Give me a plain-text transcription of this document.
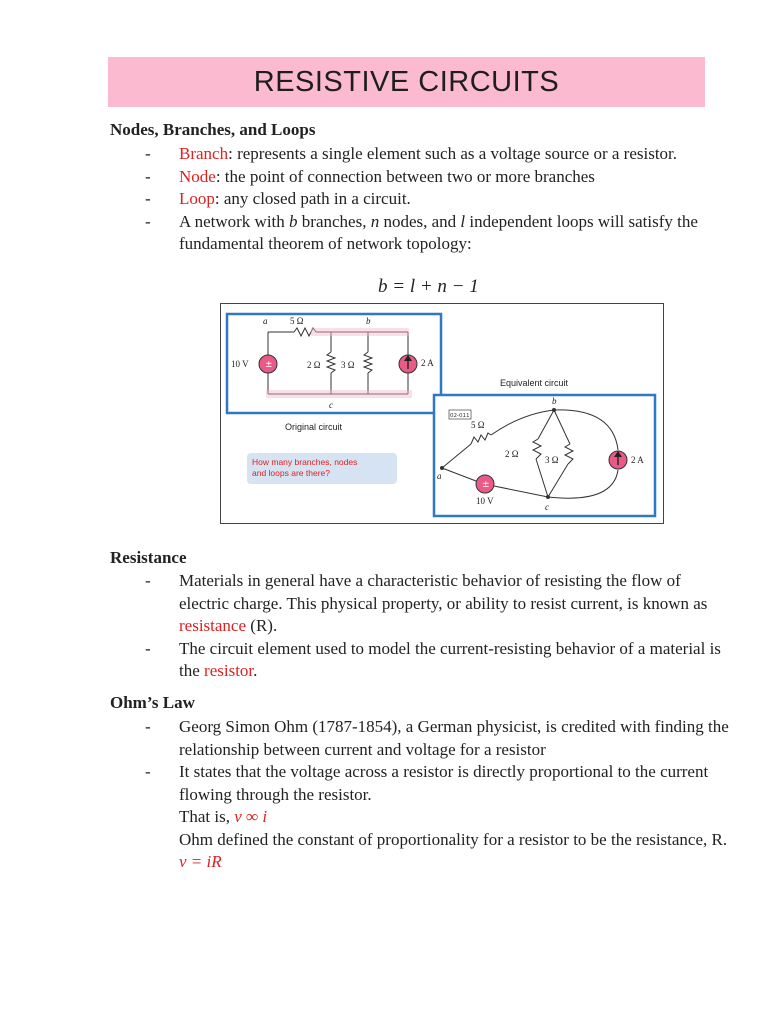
RESISTIVE CIRCUITS
Nodes, Branches, and Loops
- Branch: represents a single element such as a voltage source or a resistor.
- Node: the point of connection between two or more branches
- Loop: any closed path in a circuit.
- A network with b branches, n nodes, and l independent loops will satisfy the fundamental theorem of network topology:
b = l + n − 1
±
a	5 Ω	b
10 V	2 Ω 3 Ω	2 A
c
Original circuit
How many branches, nodes and loops are there?
Equivalent circuit
02-011
±
5 Ω
2 Ω
3 Ω	2 A
10 V
a
b
c
Resistance
- Materials in general have a characteristic behavior of resisting the flow of electric charge. This physical property, or ability to resist current, is known as resistance (R).
- The circuit element used to model the current-resisting behavior of a material is the resistor.
Ohm’s Law
- Georg Simon Ohm (1787-1854), a German physicist, is credited with finding the relationship between current and voltage for a resistor
- It states that the voltage across a resistor is directly proportional to the current flowing through the resistor.
That is, v ∞ i
Ohm defined the constant of proportionality for a resistor to be the resistance, R. v = iR
